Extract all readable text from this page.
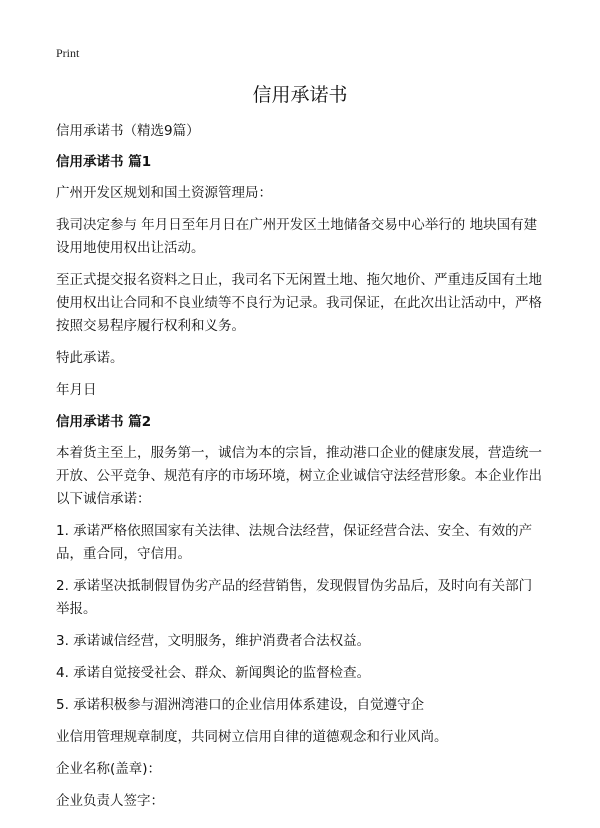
Print
信用承诺书

信用承诺书（精选9篇）

信用承诺书 篇1

广州开发区规划和国土资源管理局：

我司决定参与 年月日至年月日在广州开发区土地储备交易中心举行的 地块国有建设用地使用权出让活动。

至正式提交报名资料之日止，我司名下无闲置土地、拖欠地价、严重违反国有土地使用权出让合同和不良业绩等不良行为记录。我司保证，在此次出让活动中，严格按照交易程序履行权利和义务。

特此承诺。

年月日

信用承诺书 篇2

本着货主至上，服务第一，诚信为本的宗旨，推动港口企业的健康发展，营造统一开放、公平竞争、规范有序的市场环境，树立企业诚信守法经营形象。本企业作出以下诚信承诺：

1. 承诺严格依照国家有关法律、法规合法经营，保证经营合法、安全、有效的产品，重合同，守信用。

2. 承诺坚决抵制假冒伪劣产品的经营销售，发现假冒伪劣品后，及时向有关部门举报。

3. 承诺诚信经营，文明服务，维护消费者合法权益。

4. 承诺自觉接受社会、群众、新闻舆论的监督检查。

5. 承诺积极参与湄洲湾港口的企业信用体系建设，自觉遵守企

业信用管理规章制度，共同树立信用自律的道德观念和行业风尚。

企业名称(盖章)：

企业负责人签字：
